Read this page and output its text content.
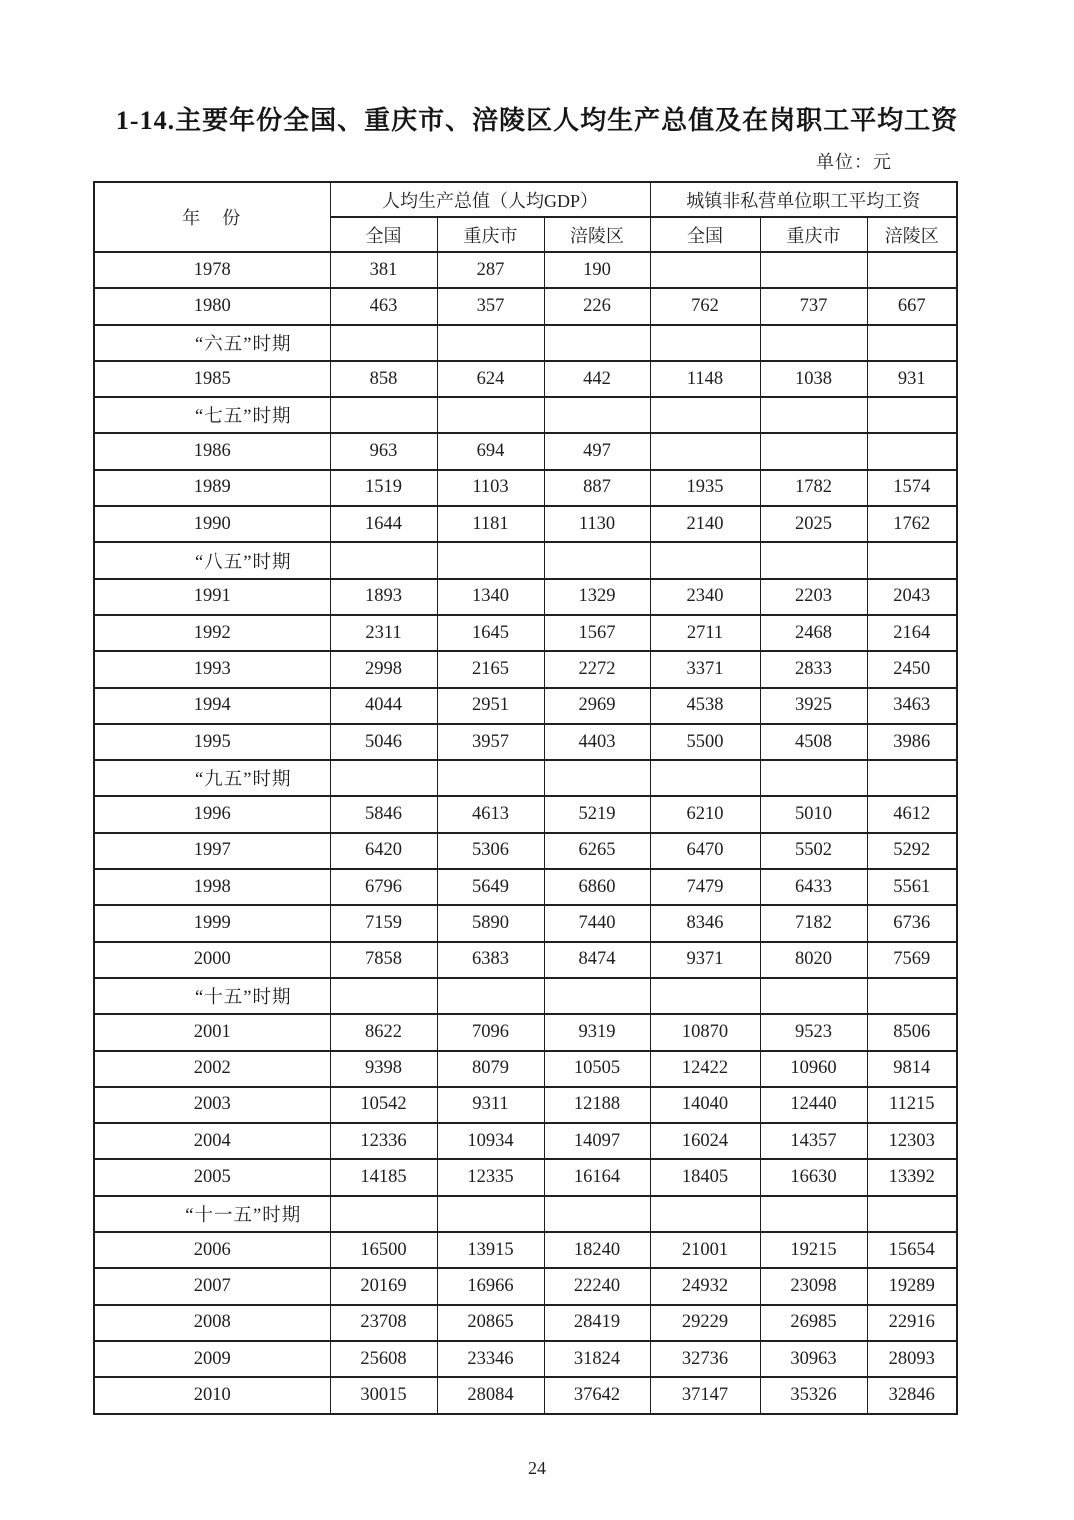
1-14.主要年份全国、重庆市、涪陵区人均生产总值及在岗职工平均工资
单位：元
年　份	人均生产总值（人均GDP）			城镇非私营单位职工平均工资		
	全国	重庆市	涪陵区	全国	重庆市	涪陵区
1978	381	287	190			
1980	463	357	226	762	737	667
“六五”时期						
1985	858	624	442	1148	1038	931
“七五”时期						
1986	963	694	497			
1989	1519	1103	887	1935	1782	1574
1990	1644	1181	1130	2140	2025	1762
“八五”时期						
1991	1893	1340	1329	2340	2203	2043
1992	2311	1645	1567	2711	2468	2164
1993	2998	2165	2272	3371	2833	2450
1994	4044	2951	2969	4538	3925	3463
1995	5046	3957	4403	5500	4508	3986
“九五”时期						
1996	5846	4613	5219	6210	5010	4612
1997	6420	5306	6265	6470	5502	5292
1998	6796	5649	6860	7479	6433	5561
1999	7159	5890	7440	8346	7182	6736
2000	7858	6383	8474	9371	8020	7569
“十五”时期						
2001	8622	7096	9319	10870	9523	8506
2002	9398	8079	10505	12422	10960	9814
2003	10542	9311	12188	14040	12440	11215
2004	12336	10934	14097	16024	14357	12303
2005	14185	12335	16164	18405	16630	13392
“十一五”时期						
2006	16500	13915	18240	21001	19215	15654
2007	20169	16966	22240	24932	23098	19289
2008	23708	20865	28419	29229	26985	22916
2009	25608	23346	31824	32736	30963	28093
2010	30015	28084	37642	37147	35326	32846
24
